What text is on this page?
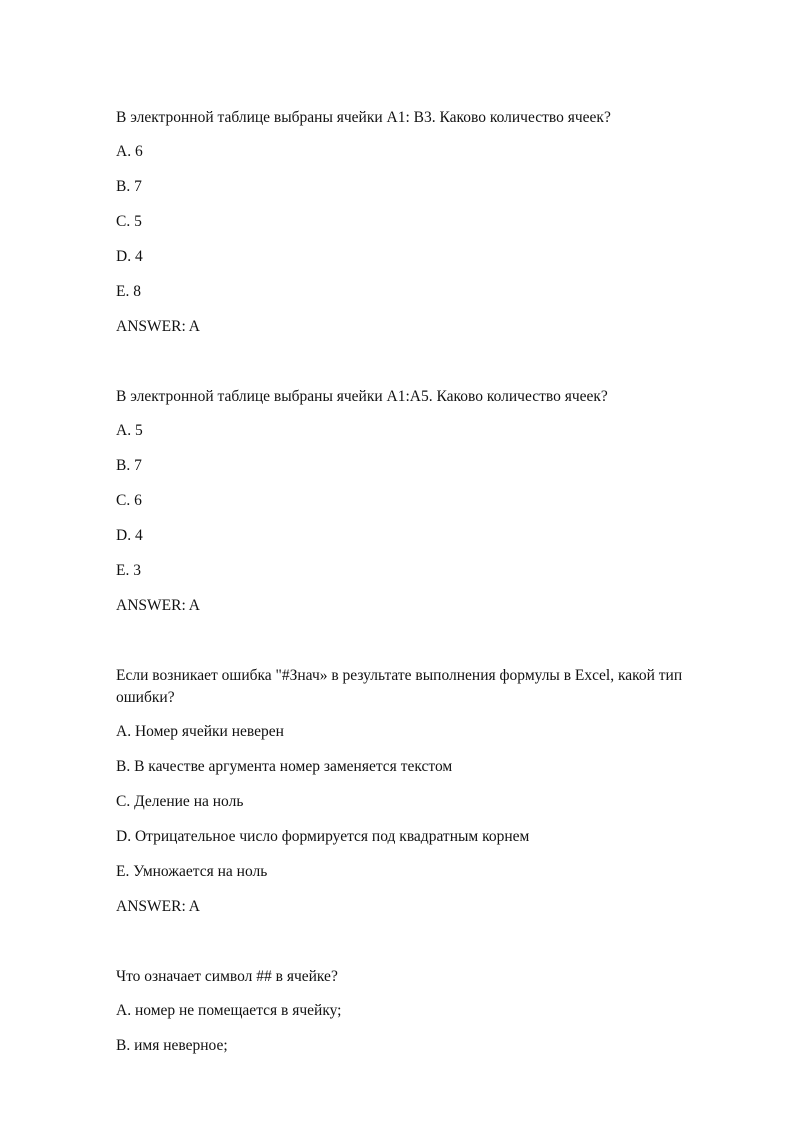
В электронной таблице выбраны ячейки A1: B3. Каково количество ячеек?

A. 6

B. 7

C. 5

D. 4

E. 8

ANSWER: A

В электронной таблице выбраны ячейки A1:A5. Каково количество ячеек?

A. 5

B. 7

C. 6

D. 4

E. 3

ANSWER: A

Если возникает ошибка "#Знач» в результате выполнения формулы в Excel, какой тип ошибки?

A. Номер ячейки неверен

B. В качестве аргумента номер заменяется текстом

C. Деление на ноль

D. Отрицательное число формируется под квадратным корнем

E. Умножается на ноль

ANSWER: A

Что означает символ ## в ячейке?

A. номер не помещается в ячейку;

B. имя неверное;
